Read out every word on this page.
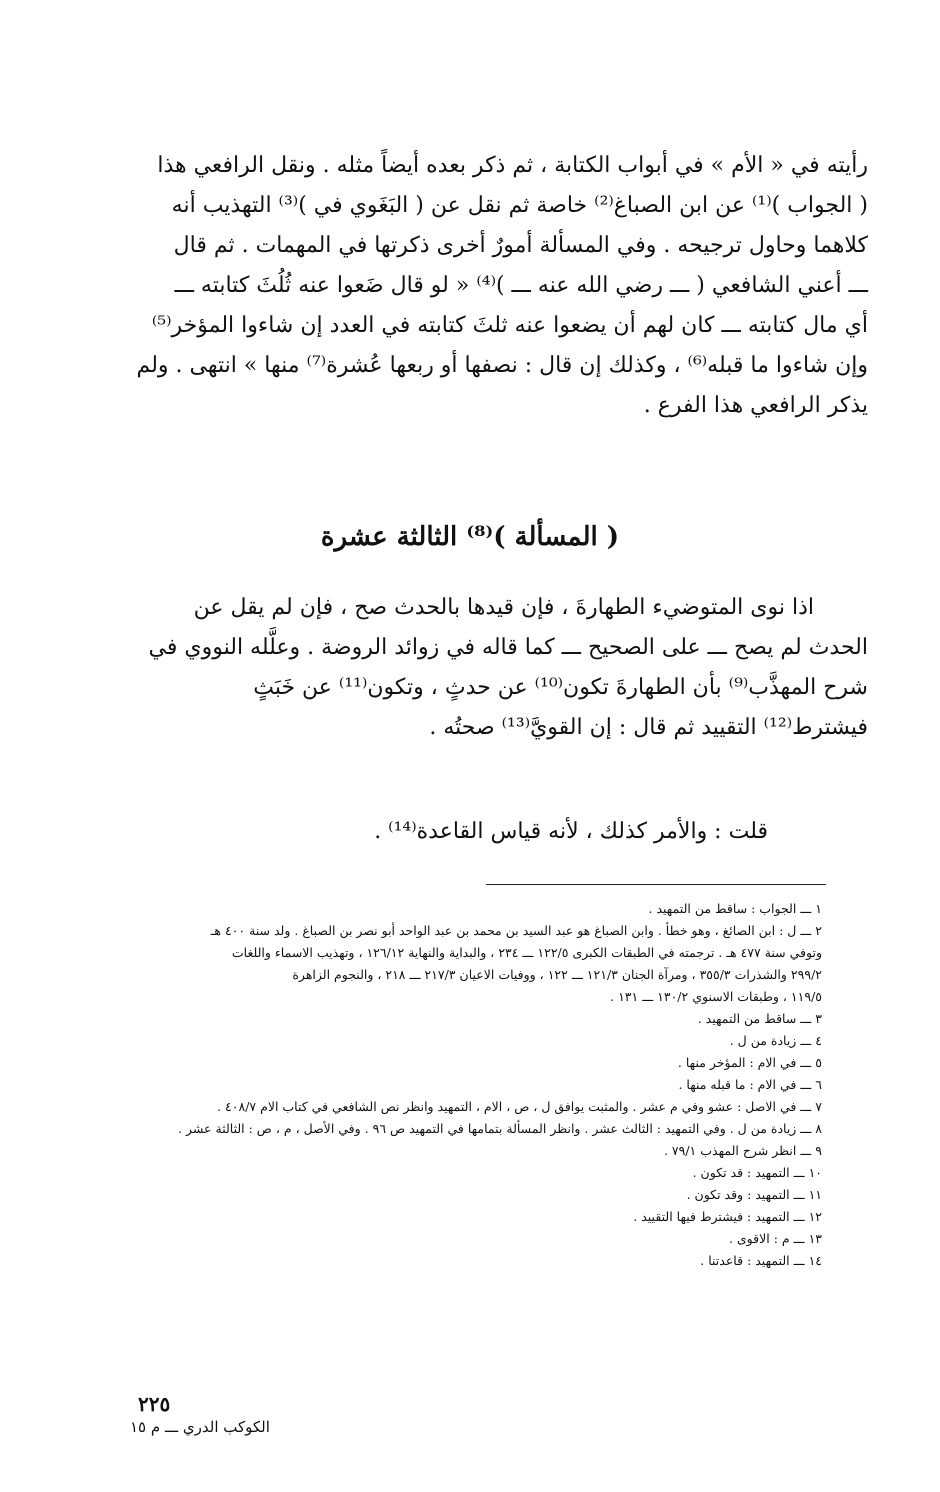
رأيته في « الأم » في أبواب الكتابة ، ثم ذكر بعده أيضاً مثله . ونقل الرافعي هذا
( الجواب )⁽¹⁾ عن ابن الصباغ⁽²⁾ خاصة ثم نقل عن ( البَغَوي في )⁽³⁾ التهذيب أنه
كلاهما وحاول ترجيحه . وفي المسألة أمورٌ أخرى ذكرتها في المهمات . ثم قال
ـــ أعني الشافعي ( ـــ رضي الله عنه ـــ )⁽⁴⁾ « لو قال ضَعوا عنه ثُلُثَ كتابته ـــ
أي مال كتابته ـــ كان لهم أن يضعوا عنه ثلثَ كتابته في العدد إن شاءوا المؤخر⁽⁵⁾
وإن شاءوا ما قبله⁽⁶⁾ ، وكذلك إن قال : نصفها أو ربعها عُشرة⁽⁷⁾ منها » انتهى . ولم
يذكر الرافعي هذا الفرع .
( المسألة )⁽⁸⁾ الثالثة عشرة
اذا نوى المتوضيء الطهارةَ ، فإن قيدها بالحدث صح ، فإن لم يقل عن
الحدث لم يصح ـــ على الصحيح ـــ كما قاله في زوائد الروضة . وعلَّله النووي في
شرح المهذَّب⁽⁹⁾ بأن الطهارةَ تكون⁽¹⁰⁾ عن حدثٍ ، وتكون⁽¹¹⁾ عن خَبَثٍ
فيشترط⁽¹²⁾ التقييد ثم قال : إن القويَّ⁽¹³⁾ صحتُه .
قلت : والأمر كذلك ، لأنه قياس القاعدة⁽¹⁴⁾ .

١ ـــ الجواب : ساقط من التمهيد .

٢ ـــ ل : ابن الصائغ ، وهو خطأ . وابن الصباغ هو عبد السيد بن محمد بن عبد الواحد أبو نصر بن الصباغ . ولد سنة ٤٠٠ هـ

وتوفي سنة ٤٧٧ هـ . ترجمته في الطبقات الكبرى ١٢٢/٥ ـــ ٢٣٤ ، والبداية والنهاية ١٢٦/١٢ ، وتهذيب الاسماء واللغات

٢٩٩/٢ والشذرات ٣٥٥/٣ ، ومرآة الجنان ١٢١/٣ ـــ ١٢٢ ، ووفيات الاعيان ٢١٧/٣ ـــ ٢١٨ ، والنجوم الزاهرة

١١٩/٥ ، وطبقات الاسنوي ١٣٠/٢ ـــ ١٣١ .

٣ ـــ ساقط من التمهيد .

٤ ـــ زيادة من ل .

٥ ـــ في الام : المؤخر منها .

٦ ـــ في الام : ما قبله منها .

٧ ـــ في الاصل : عشو وفي م عشر . والمثبت يوافق ل ، ص ، الام ، التمهيد وانظر نص الشافعي في كتاب الام ٤٠٨/٧ .

٨ ـــ زيادة من ل . وفي التمهيد : الثالث عشر . وانظر المسألة بتمامها في التمهيد ص ٩٦ . وفي الأصل ، م ، ص : الثالثة عشر .

٩ ـــ انظر شرح المهذب ٧٩/١ .

١٠ ـــ التمهيد : قد تكون .

١١ ـــ التمهيد : وقد تكون .

١٢ ـــ التمهيد : فيشترط فيها التقييد .

١٣ ـــ م : الاقوى .

١٤ ـــ التمهيد : قاعدتنا .

٢٢٥
الكوكب الدري ـــ م ١٥
